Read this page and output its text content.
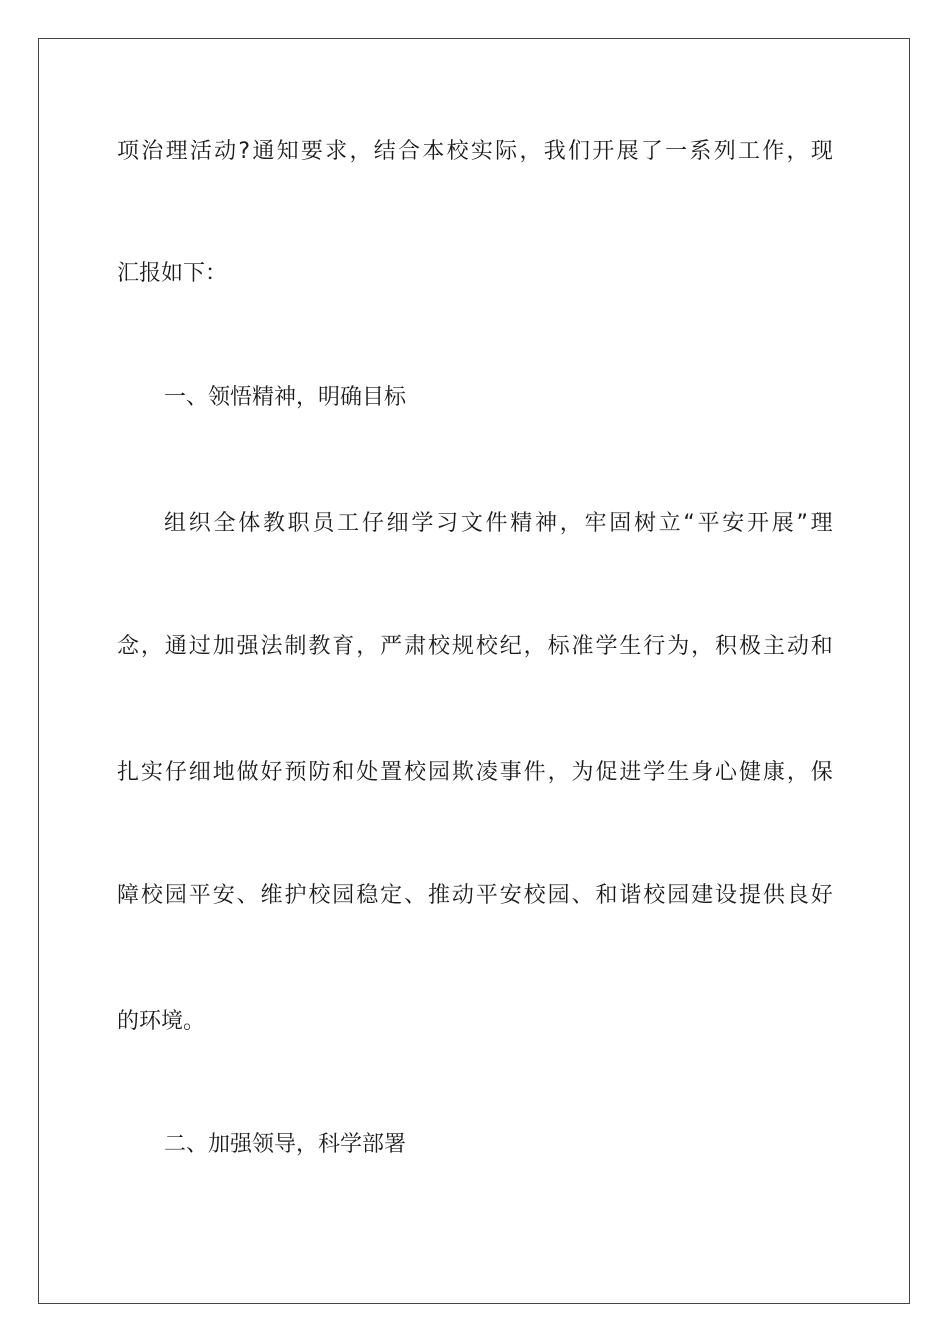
项 治 理 活 动 ? 通 知 要 求 ， 结 合 本 校 实 际 ， 我 们 开 展 了 一 系 列 工 作 ， 现
汇报如下：
一、领悟精神，明确目标
组 织 全 体 教 职 员 工 仔 细 学 习 文 件 精 神 ， 牢 固 树 立 “ 平 安 开 展 ” 理
念 ， 通 过 加 强 法 制 教 育 ， 严 肃 校 规 校 纪 ， 标 准 学 生 行 为 ， 积 极 主 动 和
扎 实 仔 细 地 做 好 预 防 和 处 置 校 园 欺 凌 事 件 ， 为 促 进 学 生 身 心 健 康 ， 保
障 校 园 平 安 、 维 护 校 园 稳 定 、 推 动 平 安 校 园 、 和 谐 校 园 建 设 提 供 良 好
的环境。
二、加强领导，科学部署
